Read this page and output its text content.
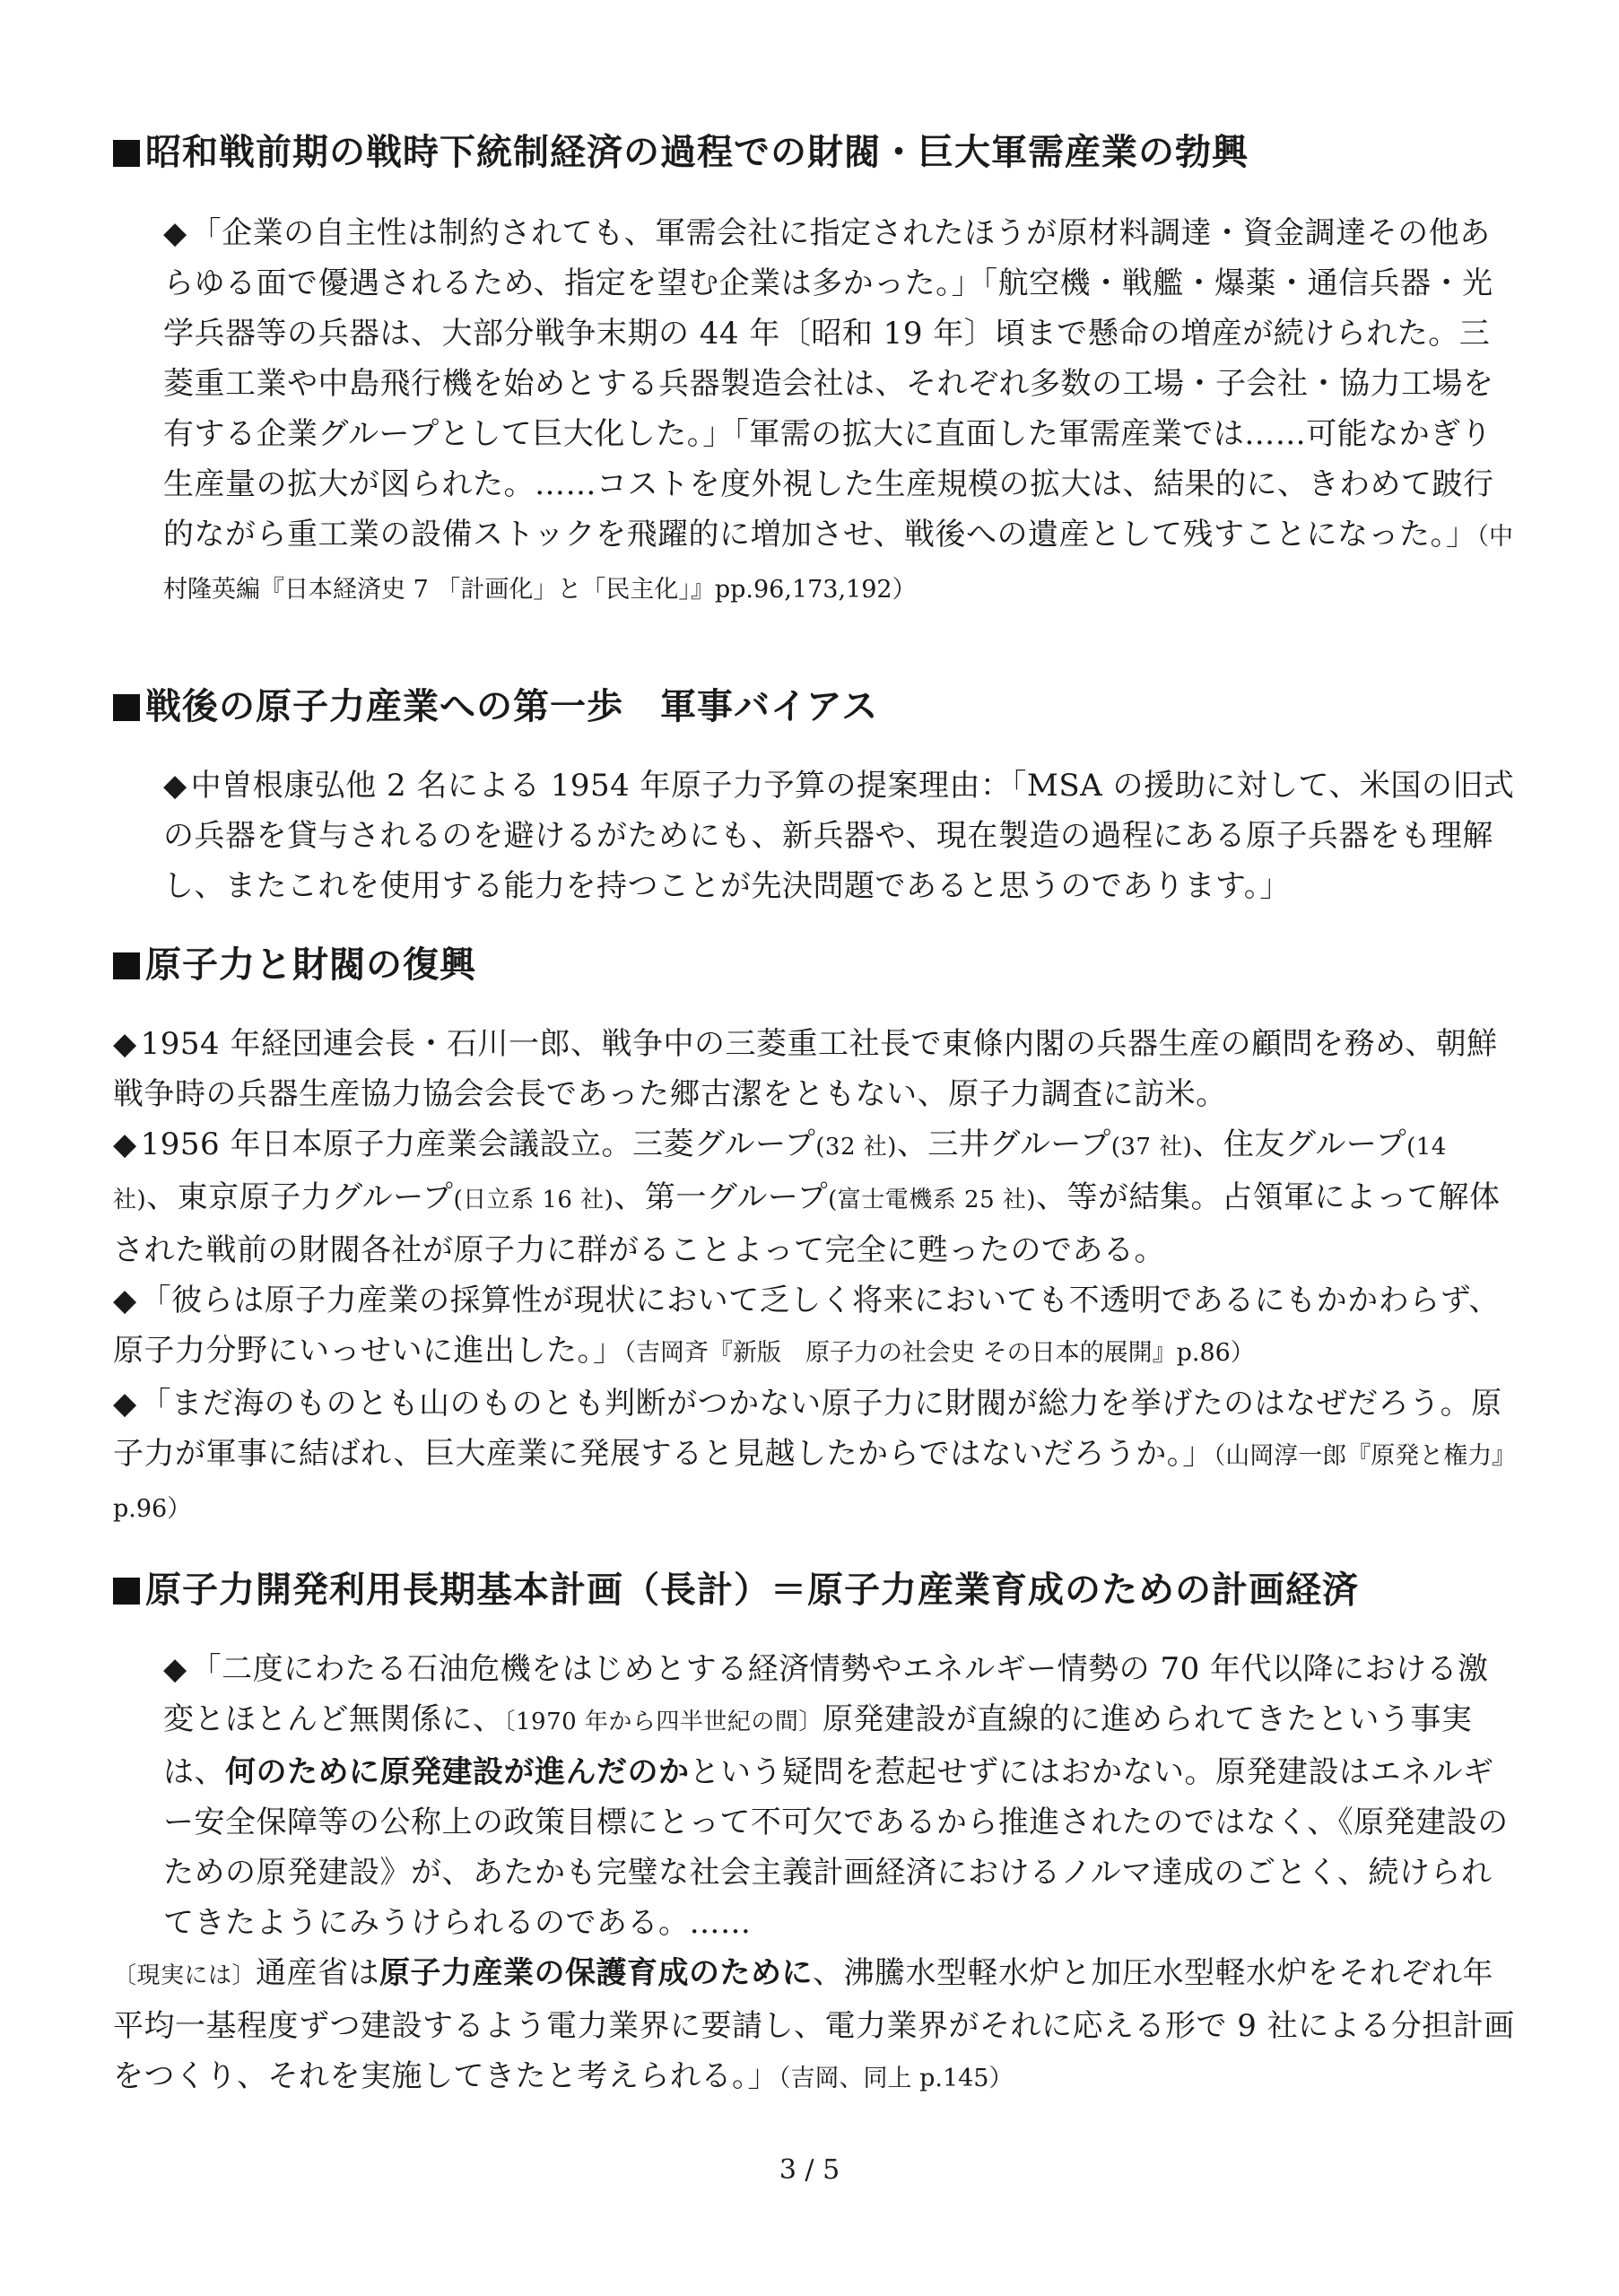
昭和戦前期の戦時下統制経済の過程での財閥・巨大軍需産業の勃興

◆ 「企業の自主性は制約されても、軍需会社に指定されたほうが原材料調達・資金調達その他あらゆる面で優遇されるため、指定を望む企業は多かった。」「航空機・戦艦・爆薬・通信兵器・光学兵器等の兵器は、大部分戦争末期の 44 年〔昭和 19 年〕頃まで懸命の増産が続けられた。三菱重工業や中島飛行機を始めとする兵器製造会社は、それぞれ多数の工場・子会社・協力工場を有する企業グループとして巨大化した。」「軍需の拡大に直面した軍需産業では……可能なかぎり生産量の拡大が図られた。……コストを度外視した生産規模の拡大は、結果的に、きわめて跛行的ながら重工業の設備ストックを飛躍的に増加させ、戦後への遺産として残すことになった。」（中村隆英編『日本経済史 7 「計画化」と「民主化」』pp.96,173,192）

戦後の原子力産業への第一歩　軍事バイアス

◆ 中曽根康弘他 2 名による 1954 年原子力予算の提案理由：「MSA の援助に対して、米国の旧式の兵器を貸与されるのを避けるがためにも、新兵器や、現在製造の過程にある原子兵器をも理解し、またこれを使用する能力を持つことが先決問題であると思うのであります。」

原子力と財閥の復興

◆ 1954 年経団連会長・石川一郎、戦争中の三菱重工社長で東條内閣の兵器生産の顧問を務め、朝鮮戦争時の兵器生産協力協会会長であった郷古潔をともない、原子力調査に訪米。

◆ 1956 年日本原子力産業会議設立。三菱グループ(32 社)、三井グループ(37 社)、住友グループ(14 社)、東京原子力グループ(日立系 16 社)、第一グループ(富士電機系 25 社)、等が結集。占領軍によって解体された戦前の財閥各社が原子力に群がることよって完全に甦ったのである。

◆ 「彼らは原子力産業の採算性が現状において乏しく将来においても不透明であるにもかかわらず、原子力分野にいっせいに進出した。」（吉岡斉『新版　原子力の社会史 その日本的展開』p.86）

◆ 「まだ海のものとも山のものとも判断がつかない原子力に財閥が総力を挙げたのはなぜだろう。原子力が軍事に結ばれ、巨大産業に発展すると見越したからではないだろうか。」（山岡淳一郎『原発と権力』p.96）

原子力開発利用長期基本計画（長計）＝原子力産業育成のための計画経済

◆ 「二度にわたる石油危機をはじめとする経済情勢やエネルギー情勢の 70 年代以降における激変とほとんど無関係に、〔1970 年から四半世紀の間〕原発建設が直線的に進められてきたという事実は、何のために原発建設が進んだのかという疑問を惹起せずにはおかない。原発建設はエネルギー安全保障等の公称上の政策目標にとって不可欠であるから推進されたのではなく、《原発建設のための原発建設》が、あたかも完璧な社会主義計画経済におけるノルマ達成のごとく、続けられてきたようにみうけられるのである。……

〔現実には〕通産省は原子力産業の保護育成のために、沸騰水型軽水炉と加圧水型軽水炉をそれぞれ年平均一基程度ずつ建設するよう電力業界に要請し、電力業界がそれに応える形で 9 社による分担計画をつくり、それを実施してきたと考えられる。」（吉岡、同上 p.145）

3 / 5
